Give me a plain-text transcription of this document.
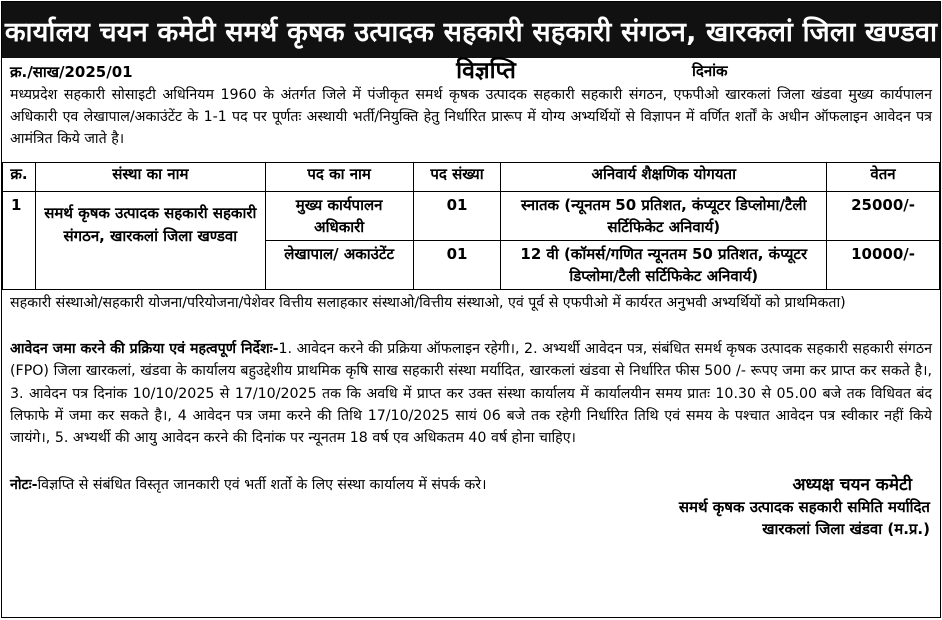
कार्यालय चयन कमेटी समर्थ कृषक उत्पादक सहकारी सहकारी संगठन, खारकलां जिला खण्डवा
क्र./साख/2025/01	विज्ञप्ति	दिनांक
मध्यप्रदेश सहकारी सोसाइटी अधिनियम 1960 के अंतर्गत जिले में पंजीकृत समर्थ कृषक उत्पादक सहकारी सहकारी संगठन, एफपीओ खारकलां जिला खंडवा मुख्य कार्यपालन अधिकारी एव लेखापाल/अकाउंटेंट के 1-1 पद पर पूर्णतः अस्थायी भर्ती/नियुक्ति हेतु निर्धारित प्रारूप में योग्य अभ्यर्थियों से विज्ञापन में वर्णित शर्तों के अधीन ऑफलाइन आवेदन पत्र आमंत्रित किये जाते है।
क्र.	संस्था का नाम	पद का नाम	पद संख्या	अनिवार्य शैक्षणिक योगयता	वेतन
1	समर्थ कृषक उत्पादक सहकारी सहकारी संगठन, खारकलां जिला खण्डवा	मुख्य कार्यपालन अधिकारी	01	स्नातक (न्यूनतम 50 प्रतिशत, कंप्यूटर डिप्लोमा/टैली सर्टिफिकेट अनिवार्य)	25000/-
		लेखापाल/ अकाउंटेंट	01	12 वी (कॉमर्स/गणित न्यूनतम 50 प्रतिशत, कंप्यूटर डिप्लोमा/टैली सर्टिफिकेट अनिवार्य)	10000/-
सहकारी संस्थाओ/सहकारी योजना/परियोजना/पेशेवर वित्तीय सलाहकार संस्थाओ/वित्तीय संस्थाओ, एवं पूर्व से एफपीओ में कार्यरत अनुभवी अभ्यर्थियों को प्राथमिकता)
आवेदन जमा करने की प्रक्रिया एवं महत्वपूर्ण निर्देशः-1. आवेदन करने की प्रक्रिया ऑफलाइन रहेगी।, 2. अभ्यर्थी आवेदन पत्र, संबंधित समर्थ कृषक उत्पादक सहकारी सहकारी संगठन (FPO) जिला खारकलां, खंडवा के कार्यालय बहुउद्देशीय प्राथमिक कृषि साख सहकारी संस्था मर्यादित, खारकलां खंडवा से निर्धारित फीस 500 /- रूपए जमा कर प्राप्त कर सकते है।, 3. आवेदन पत्र दिनांक 10/10/2025 से 17/10/2025 तक कि अवधि में प्राप्त कर उक्त संस्था कार्यालय में कार्यालयीन समय प्रातः 10.30 से 05.00 बजे तक विधिवत बंद लिफाफे में जमा कर सकते है।, 4 आवेदन पत्र जमा करने की तिथि 17/10/2025 सायं 06 बजे तक रहेगी निर्धारित तिथि एवं समय के पश्चात आवेदन पत्र स्वीकार नहीं किये जायंगे।, 5. अभ्यर्थी की आयु आवेदन करने की दिनांक पर न्यूनतम 18 वर्ष एव अधिकतम 40 वर्ष होना चाहिए।
नोटः-विज्ञप्ति से संबंधित विस्तृत जानकारी एवं भर्ती शर्तो के लिए संस्था कार्यालय में संपर्क करे।	अध्यक्ष चयन कमेटी
समर्थ कृषक उत्पादक सहकारी समिति मर्यादित
खारकलां जिला खंडवा (म.प्र.)
